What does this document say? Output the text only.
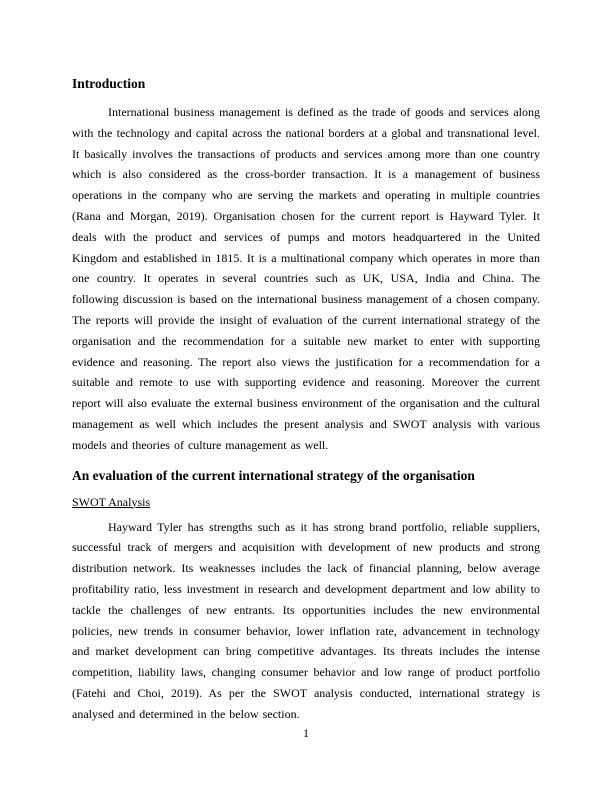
Introduction

International business management is defined as the trade of goods and services along with the technology and capital across the national borders at a global and transnational level. It basically involves the transactions of products and services among more than one country which is also considered as the cross-border transaction. It is a management of business operations in the company who are serving the markets and operating in multiple countries (Rana and Morgan, 2019). Organisation chosen for the current report is Hayward Tyler. It deals with the product and services of pumps and motors headquartered in the United Kingdom and established in 1815. It is a multinational company which operates in more than one country. It operates in several countries such as UK, USA, India and China. The following discussion is based on the international business management of a chosen company. The reports will provide the insight of evaluation of the current international strategy of the organisation and the recommendation for a suitable new market to enter with supporting evidence and reasoning. The report also views the justification for a recommendation for a suitable and remote to use with supporting evidence and reasoning. Moreover the current report will also evaluate the external business environment of the organisation and the cultural management as well which includes the present analysis and SWOT analysis with various models and theories of culture management as well.

An evaluation of the current international strategy of the organisation
SWOT Analysis

Hayward Tyler has strengths such as it has strong brand portfolio, reliable suppliers, successful track of mergers and acquisition with development of new products and strong distribution network. Its weaknesses includes the lack of financial planning, below average profitability ratio, less investment in research and development department and low ability to tackle the challenges of new entrants. Its opportunities includes the new environmental policies, new trends in consumer behavior, lower inflation rate, advancement in technology and market development can bring competitive advantages. Its threats includes the intense competition, liability laws, changing consumer behavior and low range of product portfolio (Fatehi and Choi, 2019). As per the SWOT analysis conducted, international strategy is analysed and determined in the below section.

1
